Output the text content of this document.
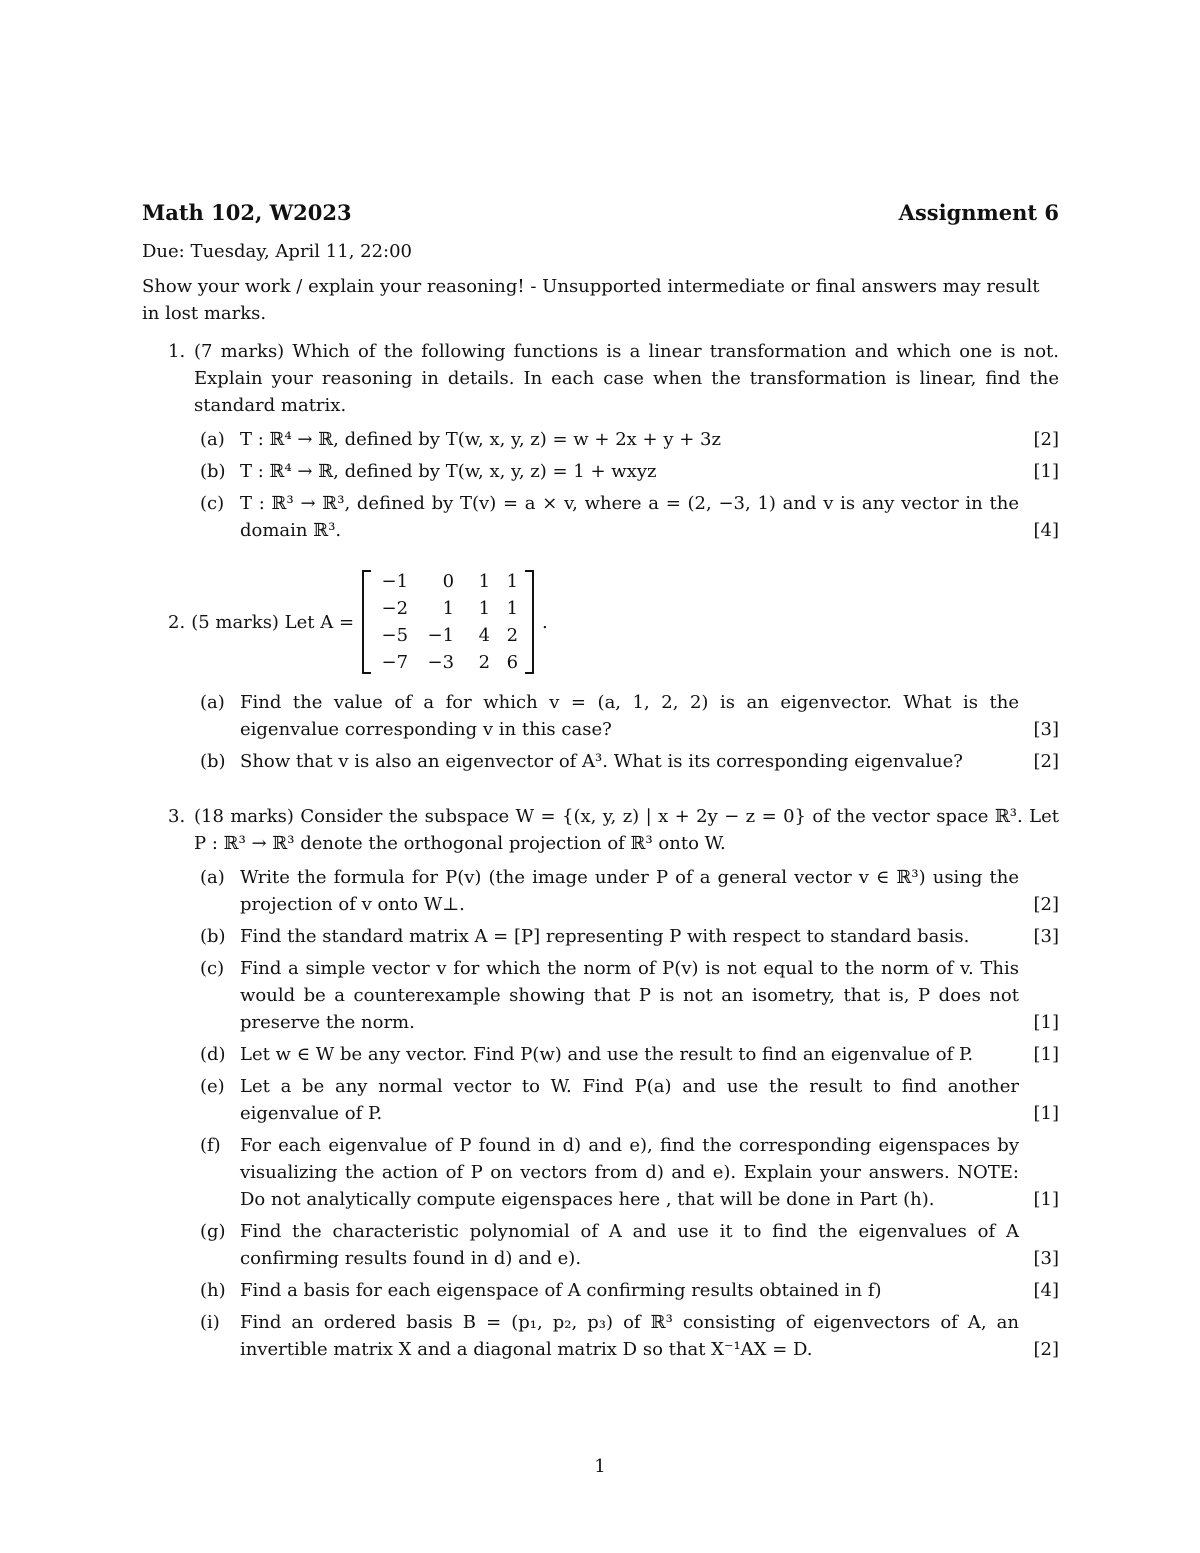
Math 102, W2023	Assignment 6
Due: Tuesday, April 11, 22:00
Show your work / explain your reasoning! - Unsupported intermediate or final answers may result in lost marks.
1. (7 marks) Which of the following functions is a linear transformation and which one is not. Explain your reasoning in details. In each case when the transformation is linear, find the standard matrix.
(a) T : ℝ⁴ → ℝ, defined by T(w, x, y, z) = w + 2x + y + 3z	[2]
(b) T : ℝ⁴ → ℝ, defined by T(w, x, y, z) = 1 + wxyz	[1]
(c) T : ℝ³ → ℝ³, defined by T(v) = a × v, where a = (2, −3, 1) and v is any vector in the domain ℝ³.	[4]
2. (5 marks) Let A =
−1	0	1 1
−2	1	1 1
−5	−1	4 2
−7	−3	2 6
.
(a) Find the value of a for which v = (a, 1, 2, 2) is an eigenvector. What is the eigenvalue corresponding v in this case?	[3]
(b) Show that v is also an eigenvector of A³. What is its corresponding eigenvalue?	[2]
3. (18 marks) Consider the subspace W = {(x, y, z) | x + 2y − z = 0} of the vector space ℝ³. Let P : ℝ³ → ℝ³ denote the orthogonal projection of ℝ³ onto W.
(a) Write the formula for P(v) (the image under P of a general vector v ∈ ℝ³) using the projection of v onto W⊥.	[2]
(b) Find the standard matrix A = [P] representing P with respect to standard basis.	[3]
(c) Find a simple vector v for which the norm of P(v) is not equal to the norm of v. This would be a counterexample showing that P is not an isometry, that is, P does not preserve the norm.	[1]
(d) Let w ∈ W be any vector. Find P(w) and use the result to find an eigenvalue of P.	[1]
(e) Let a be any normal vector to W. Find P(a) and use the result to find another eigenvalue of P.	[1]
(f) For each eigenvalue of P found in d) and e), find the corresponding eigenspaces by visualizing the action of P on vectors from d) and e). Explain your answers. NOTE: Do not analytically compute eigenspaces here , that will be done in Part (h).	[1]
(g) Find the characteristic polynomial of A and use it to find the eigenvalues of A confirming results found in d) and e).	[3]
(h) Find a basis for each eigenspace of A confirming results obtained in f)	[4]
(i) Find an ordered basis B = (p₁, p₂, p₃) of ℝ³ consisting of eigenvectors of A, an invertible matrix X and a diagonal matrix D so that X⁻¹AX = D.	[2]
1
